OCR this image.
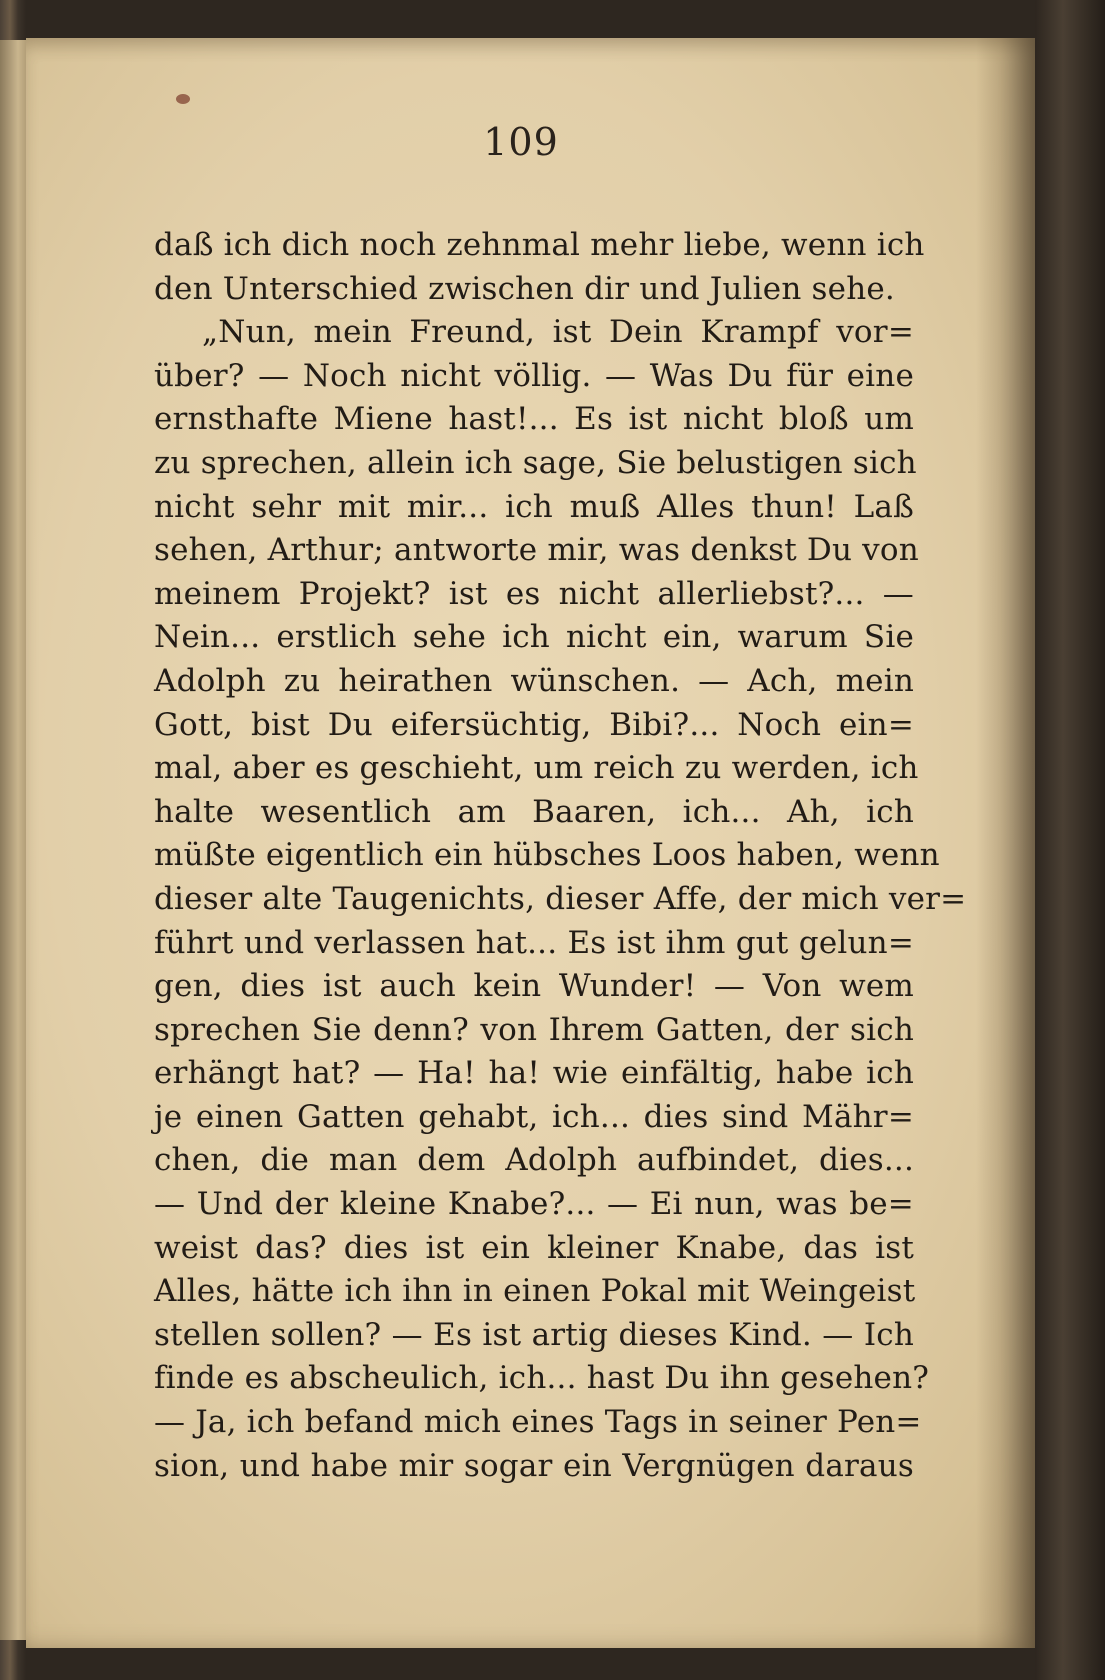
109
daß ich dich noch zehnmal mehr liebe, wenn ich
den Unterschied zwischen dir und Julien sehe.
„Nun, mein Freund, ist Dein Krampf vor=
über? — Noch nicht völlig. — Was Du für eine
ernsthafte Miene hast!... Es ist nicht bloß um
zu sprechen, allein ich sage, Sie belustigen sich
nicht sehr mit mir... ich muß Alles thun! Laß
sehen, Arthur; antworte mir, was denkst Du von
meinem Projekt? ist es nicht allerliebst?... —
Nein... erstlich sehe ich nicht ein, warum Sie
Adolph zu heirathen wünschen. — Ach, mein
Gott, bist Du eifersüchtig, Bibi?... Noch ein=
mal, aber es geschieht, um reich zu werden, ich
halte wesentlich am Baaren, ich... Ah, ich
müßte eigentlich ein hübsches Loos haben, wenn
dieser alte Taugenichts, dieser Affe, der mich ver=
führt und verlassen hat... Es ist ihm gut gelun=
gen, dies ist auch kein Wunder! — Von wem
sprechen Sie denn? von Ihrem Gatten, der sich
erhängt hat? — Ha! ha! wie einfältig, habe ich
je einen Gatten gehabt, ich... dies sind Mähr=
chen, die man dem Adolph aufbindet, dies...
— Und der kleine Knabe?... — Ei nun, was be=
weist das? dies ist ein kleiner Knabe, das ist
Alles, hätte ich ihn in einen Pokal mit Weingeist
stellen sollen? — Es ist artig dieses Kind. — Ich
finde es abscheulich, ich... hast Du ihn gesehen?
— Ja, ich befand mich eines Tags in seiner Pen=
sion, und habe mir sogar ein Vergnügen daraus
